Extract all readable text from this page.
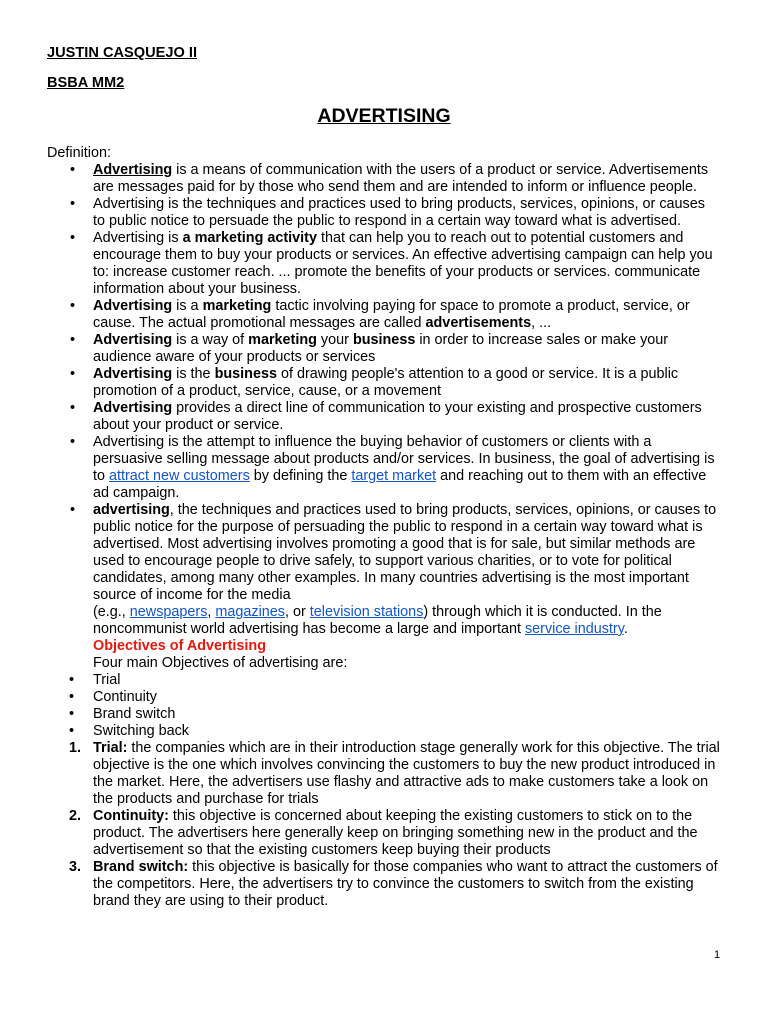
JUSTIN CASQUEJO II
BSBA MM2
ADVERTISING
Definition:
• Advertising is a means of communication with the users of a product or service. Advertisements are messages paid for by those who send them and are intended to inform or influence people.
• Advertising is the techniques and practices used to bring products, services, opinions, or causes to public notice to persuade the public to respond in a certain way toward what is advertised.
• Advertising is a marketing activity that can help you to reach out to potential customers and encourage them to buy your products or services. An effective advertising campaign can help you to: increase customer reach. ... promote the benefits of your products or services. communicate information about your business.
• Advertising is a marketing tactic involving paying for space to promote a product, service, or cause. The actual promotional messages are called advertisements, ...
• Advertising is a way of marketing your business in order to increase sales or make your audience aware of your products or services
• Advertising is the business of drawing people's attention to a good or service. It is a public promotion of a product, service, cause, or a movement
• Advertising provides a direct line of communication to your existing and prospective customers about your product or service.
• Advertising is the attempt to influence the buying behavior of customers or clients with a persuasive selling message about products and/or services. In business, the goal of advertising is to attract new customers by defining the target market and reaching out to them with an effective ad campaign.
• advertising, the techniques and practices used to bring products, services, opinions, or causes to public notice for the purpose of persuading the public to respond in a certain way toward what is advertised. Most advertising involves promoting a good that is for sale, but similar methods are used to encourage people to drive safely, to support various charities, or to vote for political candidates, among many other examples. In many countries advertising is the most important source of income for the media
(e.g., newspapers, magazines, or television stations) through which it is conducted. In the noncommunist world advertising has become a large and important service industry.
Objectives of Advertising
Four main Objectives of advertising are:
• Trial
• Continuity
• Brand switch
• Switching back
1. Trial: the companies which are in their introduction stage generally work for this objective. The trial objective is the one which involves convincing the customers to buy the new product introduced in the market. Here, the advertisers use flashy and attractive ads to make customers take a look on the products and purchase for trials
2. Continuity: this objective is concerned about keeping the existing customers to stick on to the product. The advertisers here generally keep on bringing something new in the product and the advertisement so that the existing customers keep buying their products
3. Brand switch: this objective is basically for those companies who want to attract the customers of the competitors. Here, the advertisers try to convince the customers to switch from the existing brand they are using to their product.
1
